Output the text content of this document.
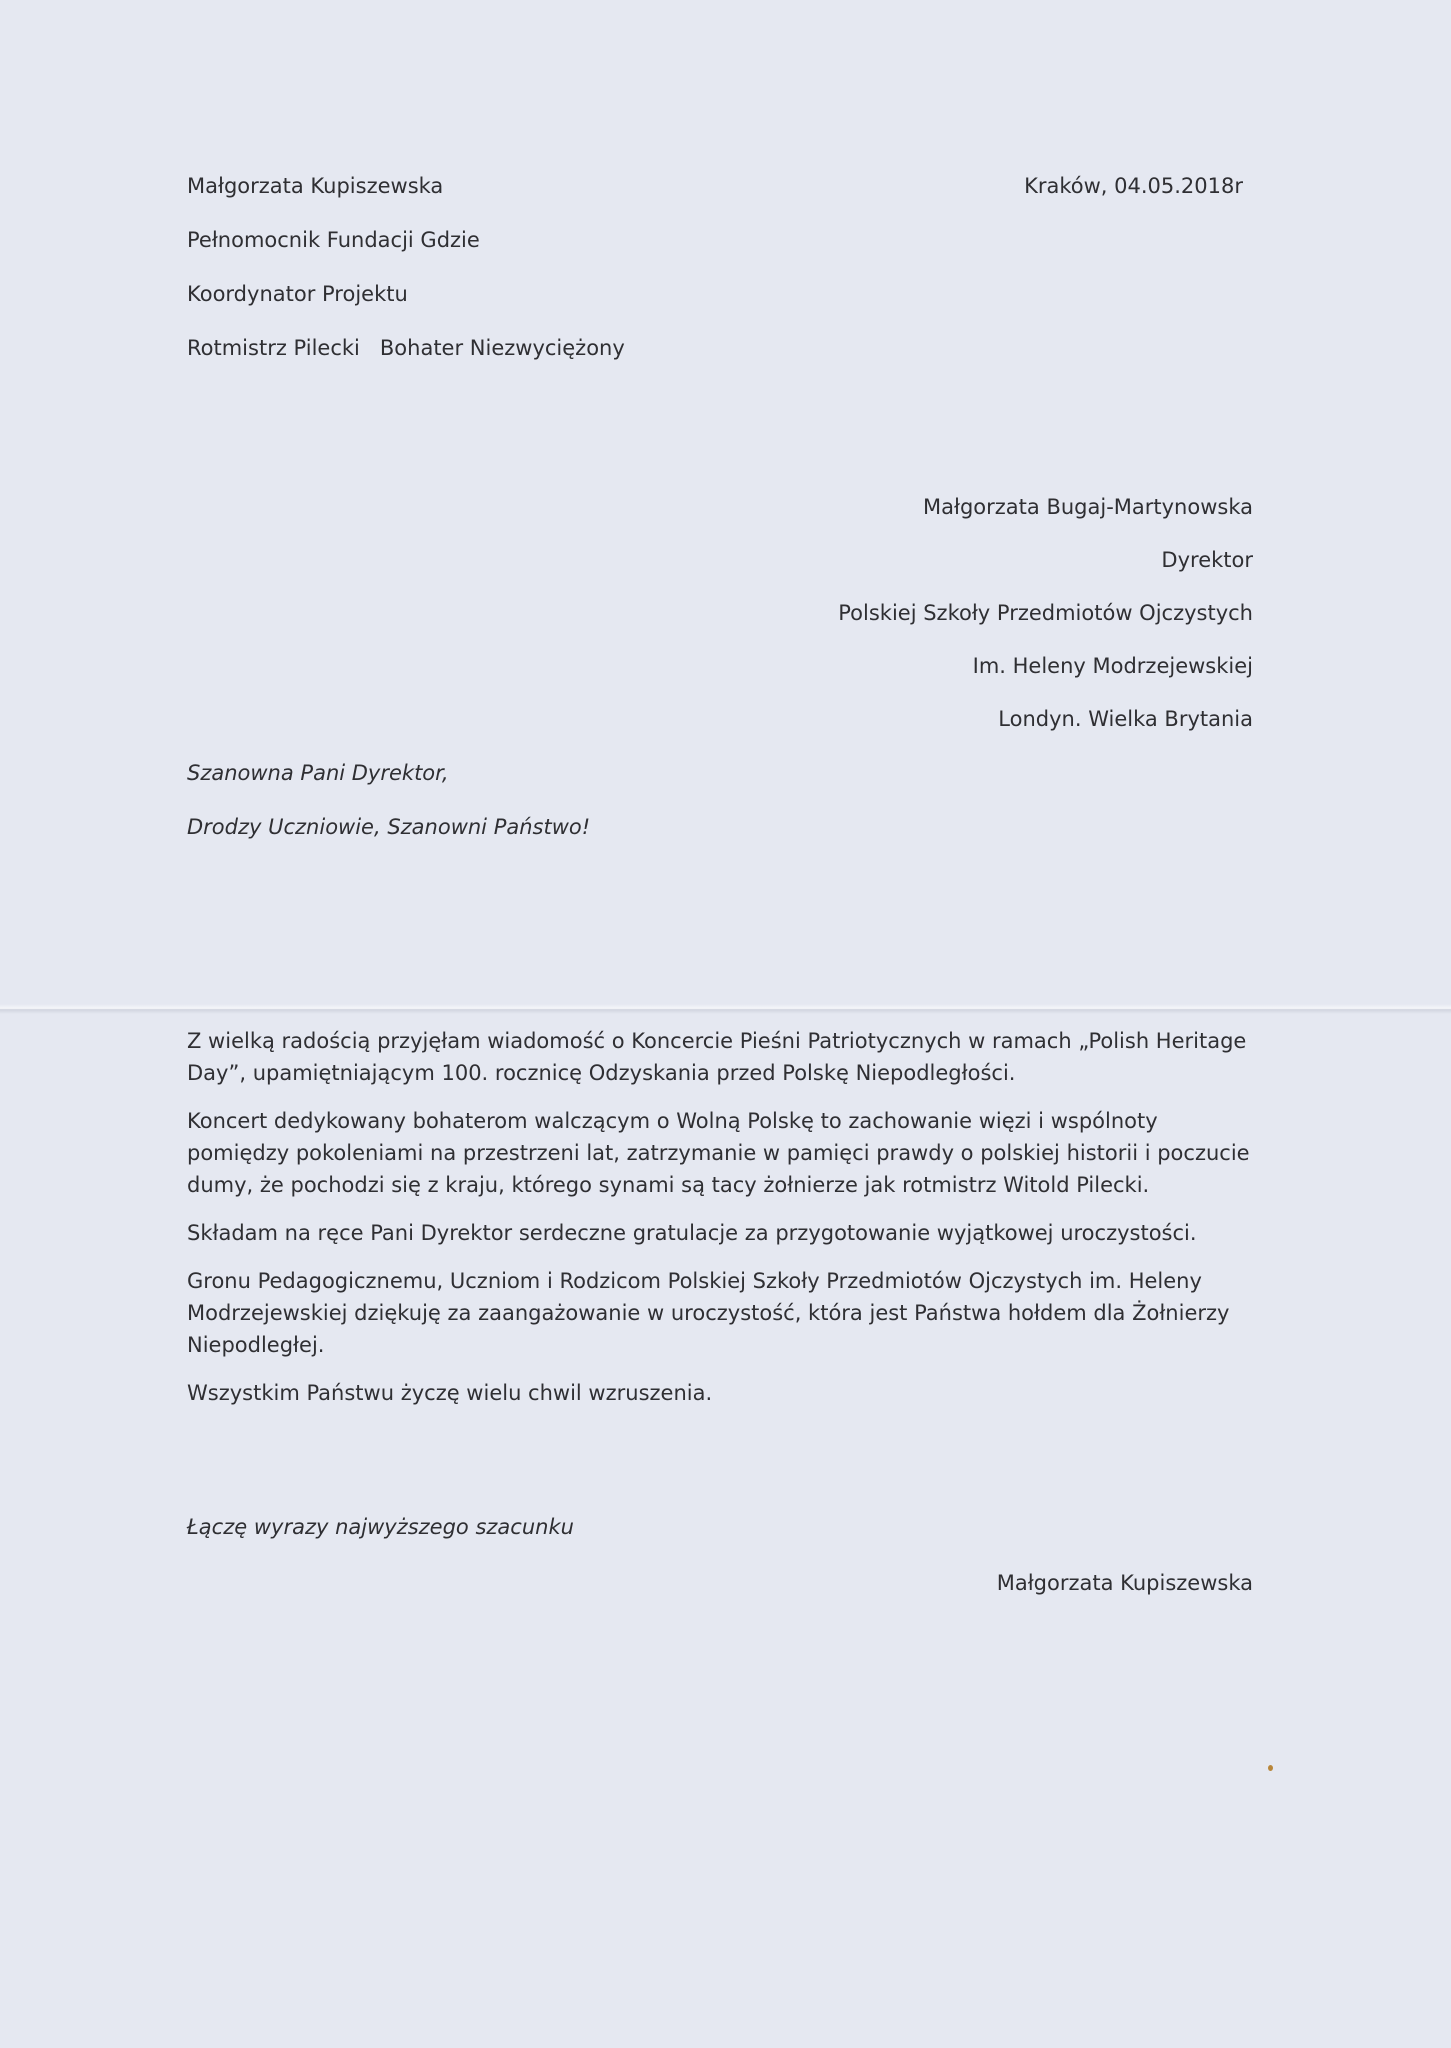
Małgorzata Kupiszewska
Pełnomocnik Fundacji Gdzie
Koordynator Projektu
Rotmistrz Pilecki   Bohater Niezwyciężony
Kraków, 04.05.2018r
Małgorzata Bugaj-Martynowska
Dyrektor
Polskiej Szkoły Przedmiotów Ojczystych
Im. Heleny Modrzejewskiej
Londyn. Wielka Brytania
Szanowna Pani Dyrektor,
Drodzy Uczniowie, Szanowni Państwo!

Z wielką radością przyjęłam wiadomość o Koncercie Pieśni Patriotycznych w ramach „Polish Heritage Day”, upamiętniającym 100. rocznicę Odzyskania przed Polskę Niepodległości.

Koncert dedykowany bohaterom walczącym o Wolną Polskę to zachowanie więzi i wspólnoty pomiędzy pokoleniami na przestrzeni lat, zatrzymanie w pamięci prawdy o polskiej historii i poczucie dumy, że pochodzi się z kraju, którego synami są tacy żołnierze jak rotmistrz Witold Pilecki.

Składam na ręce Pani Dyrektor serdeczne gratulacje za przygotowanie wyjątkowej uroczystości.

Gronu Pedagogicznemu, Uczniom i Rodzicom Polskiej Szkoły Przedmiotów Ojczystych im. Heleny Modrzejewskiej dziękuję za zaangażowanie w uroczystość, która jest Państwa hołdem dla Żołnierzy Niepodległej.

Wszystkim Państwu życzę wielu chwil wzruszenia.

Łączę wyrazy najwyższego szacunku
Małgorzata Kupiszewska
